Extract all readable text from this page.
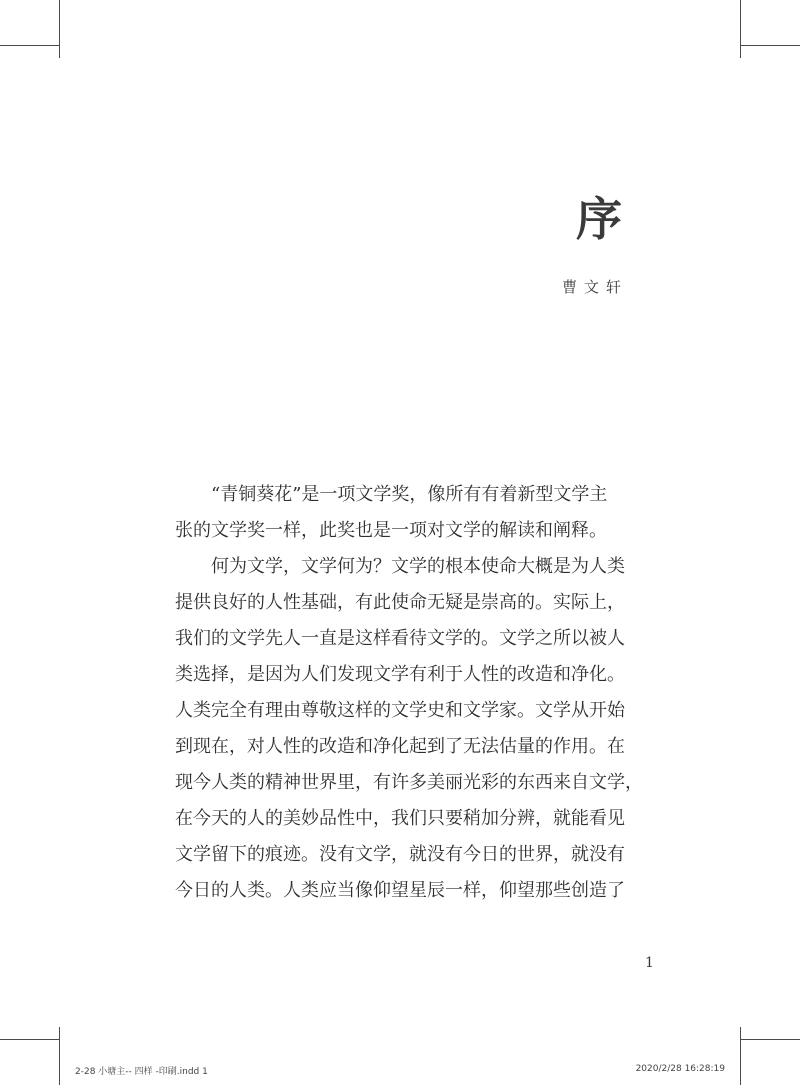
序
曹文轩
“青铜葵花”是一项文学奖，像所有有着新型文学主
张的文学奖一样，此奖也是一项对文学的解读和阐释。
何为文学，文学何为？文学的根本使命大概是为人类
提供良好的人性基础，有此使命无疑是崇高的。实际上，
我们的文学先人一直是这样看待文学的。文学之所以被人
类选择，是因为人们发现文学有利于人性的改造和净化。
人类完全有理由尊敬这样的文学史和文学家。文学从开始
到现在，对人性的改造和净化起到了无法估量的作用。在
现今人类的精神世界里，有许多美丽光彩的东西来自文学，
在今天的人的美妙品性中，我们只要稍加分辨，就能看见
文学留下的痕迹。没有文学，就没有今日的世界，就没有
今日的人类。人类应当像仰望星辰一样，仰望那些创造了
1
2-28 小塘主-- 四样 -印刷.indd 1	2020/2/28 16:28:19
